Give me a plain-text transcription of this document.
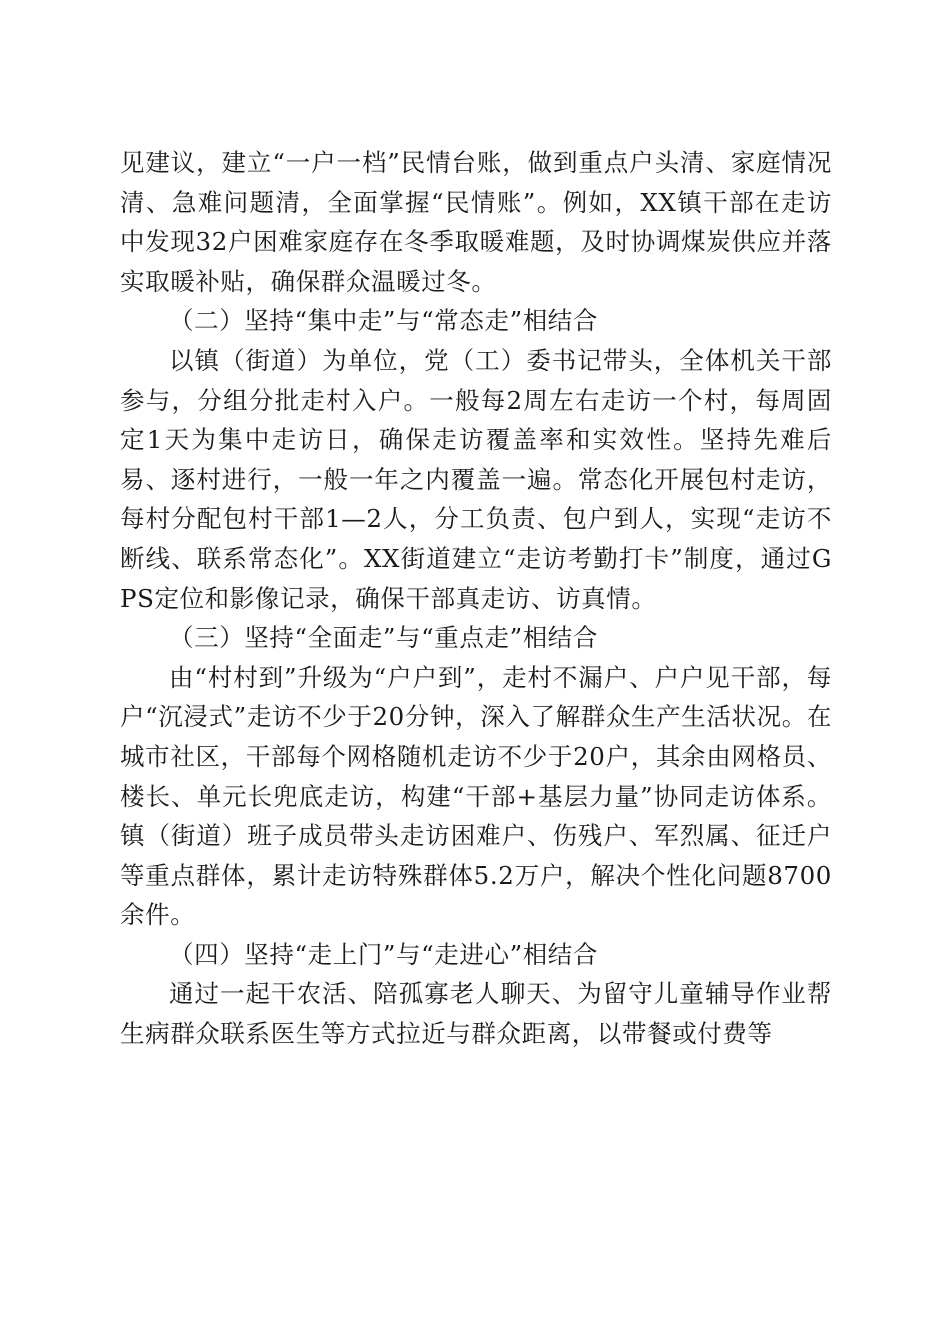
见建议，建立“一户一档”民情台账，做到重点户头清、家庭情况清、急难问题清，全面掌握“民情账”。例如，XX镇干部在走访中发现32户困难家庭存在冬季取暖难题，及时协调煤炭供应并落实取暖补贴，确保群众温暖过冬。

（二）坚持“集中走”与“常态走”相结合

以镇（街道）为单位，党（工）委书记带头，全体机关干部参与，分组分批走村入户。一般每2周左右走访一个村，每周固定1天为集中走访日，确保走访覆盖率和实效性。坚持先难后易、逐村进行，一般一年之内覆盖一遍。常态化开展包村走访，每村分配包村干部1—2人，分工负责、包户到人，实现“走访不断线、联系常态化”。XX街道建立“走访考勤打卡”制度，通过GPS定位和影像记录，确保干部真走访、访真情。

（三）坚持“全面走”与“重点走”相结合

由“村村到”升级为“户户到”，走村不漏户、户户见干部，每户“沉浸式”走访不少于20分钟，深入了解群众生产生活状况。在城市社区，干部每个网格随机走访不少于20户，其余由网格员、楼长、单元长兜底走访，构建“干部+基层力量”协同走访体系。镇（街道）班子成员带头走访困难户、伤残户、军烈属、征迁户等重点群体，累计走访特殊群体5.2万户，解决个性化问题8700余件。

（四）坚持“走上门”与“走进心”相结合

通过一起干农活、陪孤寡老人聊天、为留守儿童辅导作业帮生病群众联系医生等方式拉近与群众距离，以带餐或付费等
